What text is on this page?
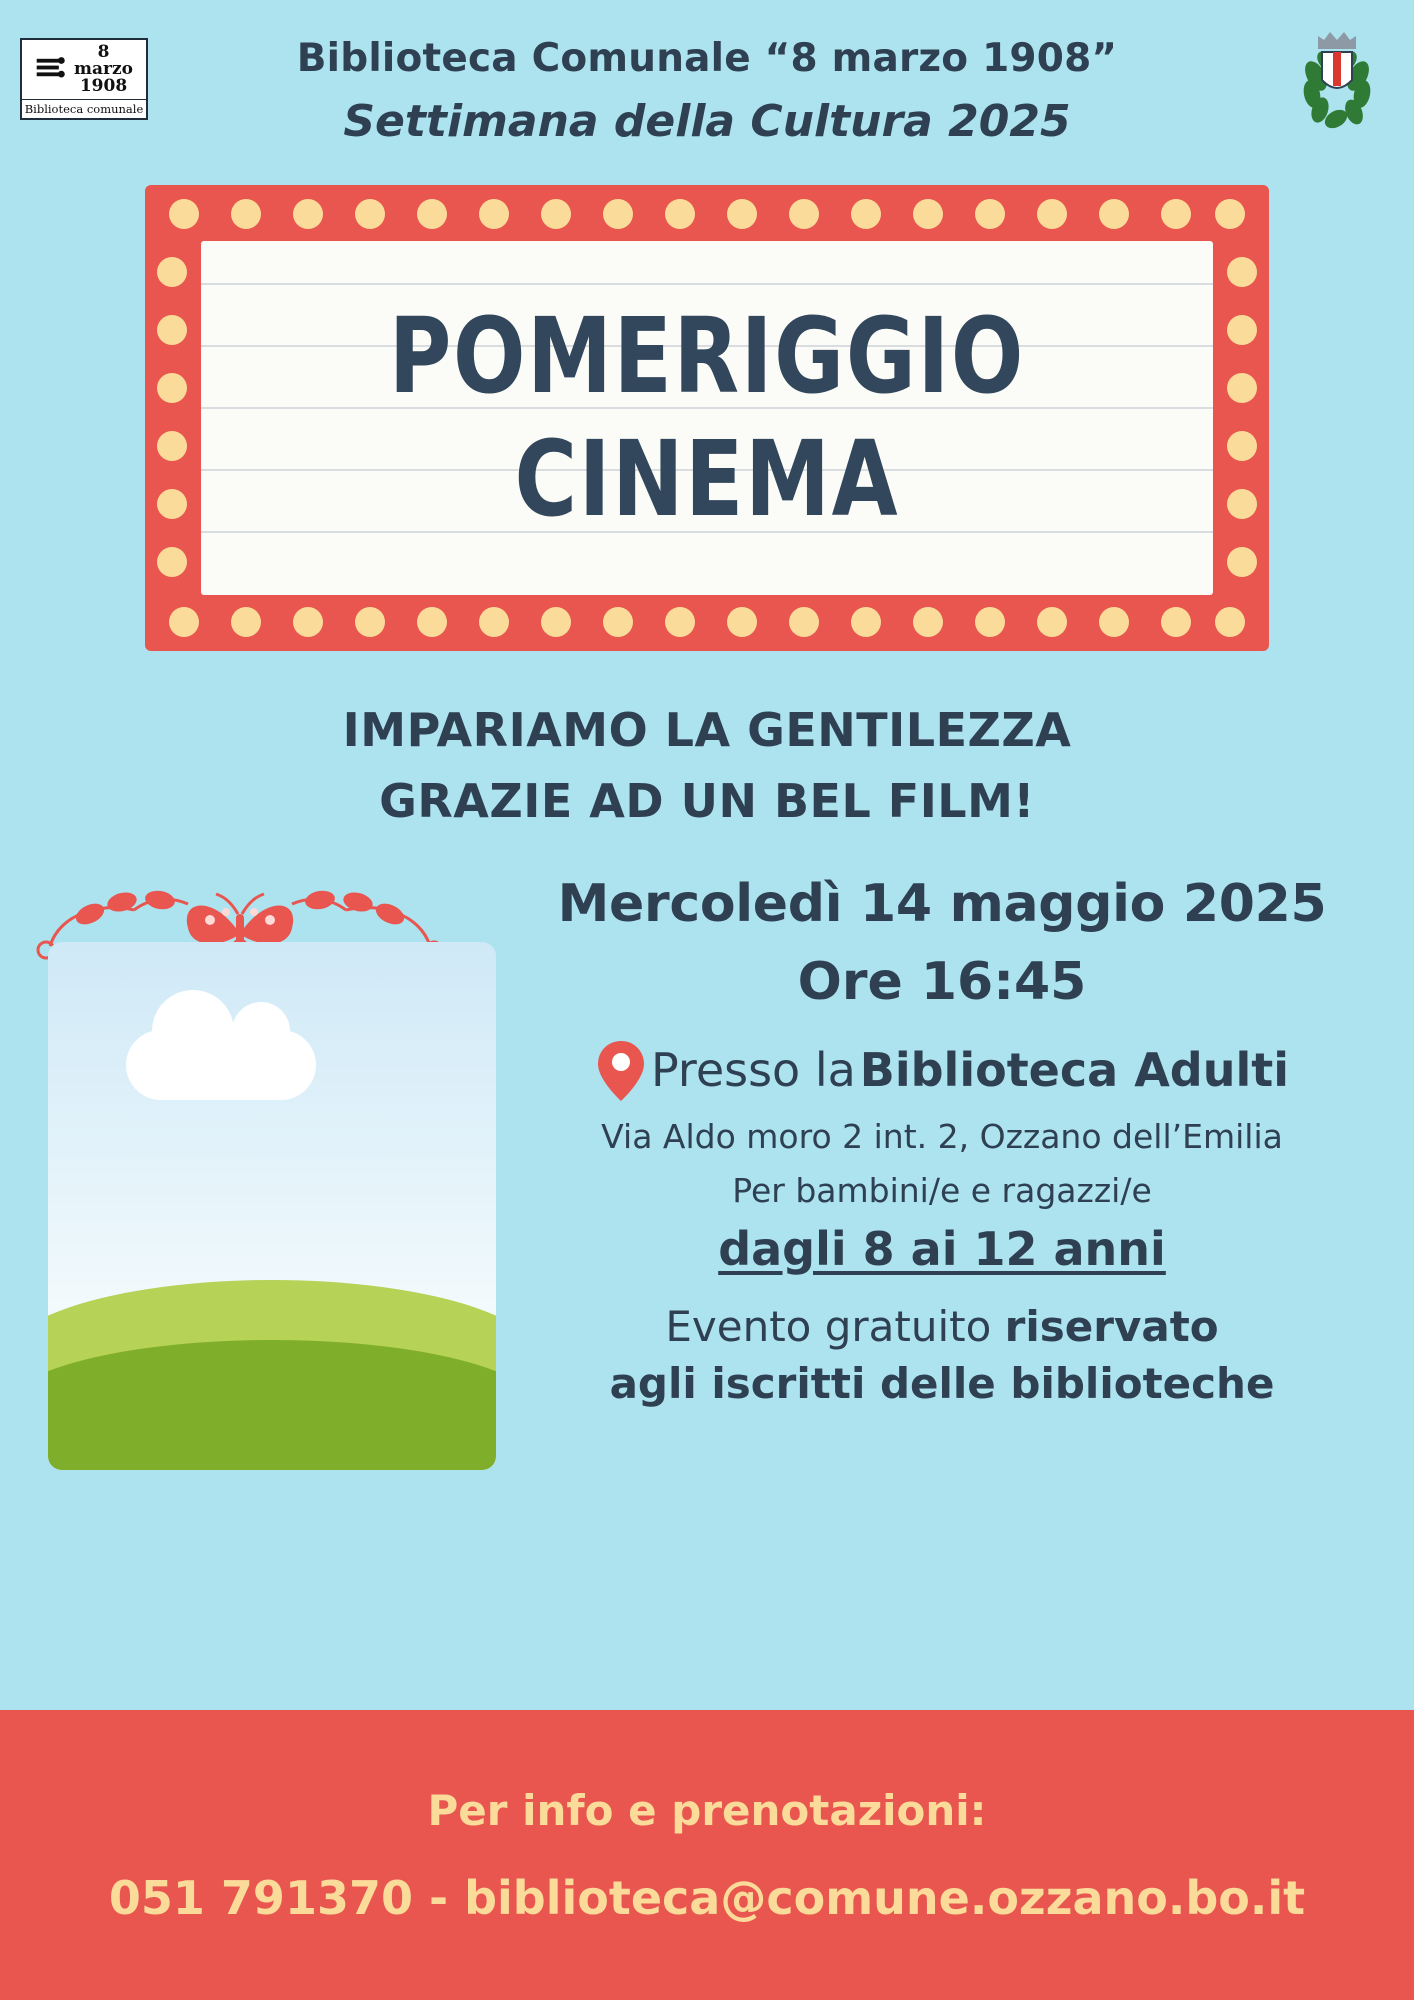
8
marzo
1908
Biblioteca comunale
Biblioteca Comunale “8 marzo 1908”
Settimana della Cultura 2025
POMERIGGIO
CINEMA
IMPARIAMO LA GENTILEZZA
GRAZIE AD UN BEL FILM!
Mercoledì 14 maggio 2025
Ore 16:45
Presso la Biblioteca Adulti
Via Aldo moro 2 int. 2, Ozzano dell’Emilia
Per bambini/e e ragazzi/e
dagli 8 ai 12 anni
Evento gratuito riservato
agli iscritti delle biblioteche
Per info e prenotazioni:
051 791370 - biblioteca@comune.ozzano.bo.it
